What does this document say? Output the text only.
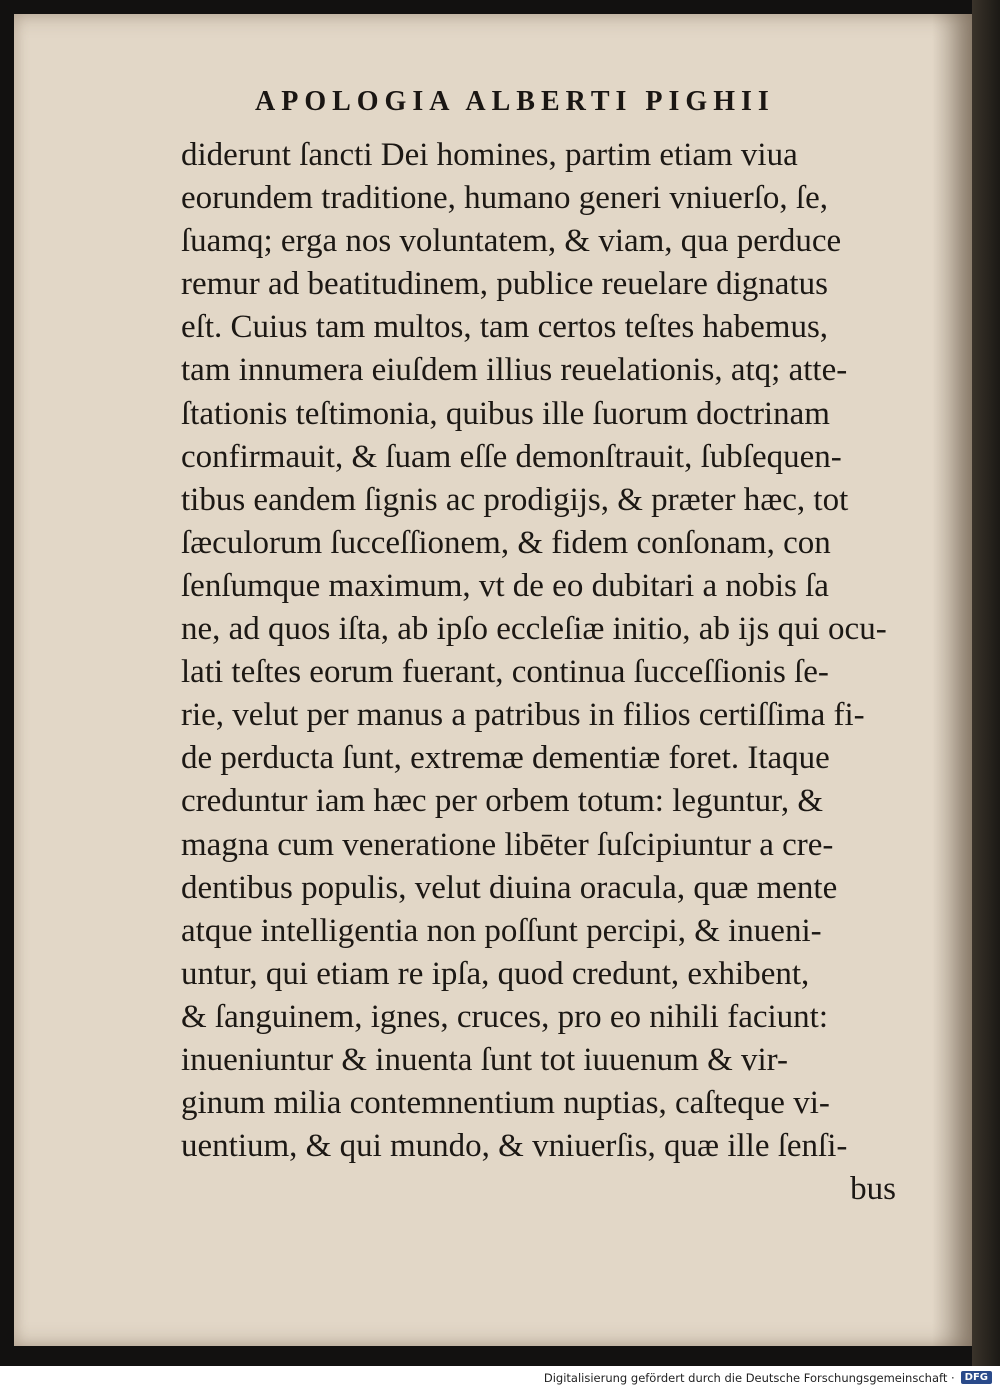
APOLOGIA ALBERTI PIGHII
diderunt ſancti Dei homines, partim etiam viua
eorundem traditione, humano generi vniuerſo, ſe,
ſuamq; erga nos voluntatem, & viam, qua perduce
remur ad beatitudinem, publice reuelare dignatus
eſt. Cuius tam multos, tam certos teſtes habemus,
tam innumera eiuſdem illius reuelationis, atq; atte-
ſtationis teſtimonia, quibus ille ſuorum doctrinam
confirmauit, & ſuam eſſe demonſtrauit, ſubſequen-
tibus eandem ſignis ac prodigijs, & præter hæc, tot
ſæculorum ſucceſſionem, & fidem conſonam, con
ſenſumque maximum, vt de eo dubitari a nobis ſa
ne, ad quos iſta, ab ipſo eccleſiæ initio, ab ijs qui ocu-
lati teſtes eorum fuerant, continua ſucceſſionis ſe-
rie, velut per manus a patribus in filios certiſſima fi-
de perducta ſunt, extremæ dementiæ foret. Itaque
creduntur iam hæc per orbem totum: leguntur, &
magna cum veneratione libēter ſuſcipiuntur a cre-
dentibus populis, velut diuina oracula, quæ mente
atque intelligentia non poſſunt percipi, & inueni-
untur, qui etiam re ipſa, quod credunt, exhibent,
& ſanguinem, ignes, cruces, pro eo nihili faciunt:
inueniuntur & inuenta ſunt tot iuuenum & vir-
ginum milia contemnentium nuptias, caſteque vi-
uentium, & qui mundo, & vniuerſis, quæ ille ſenſi-
bus
Digitalisierung gefördert durch die Deutsche Forschungsgemeinschaft ·	DFG
